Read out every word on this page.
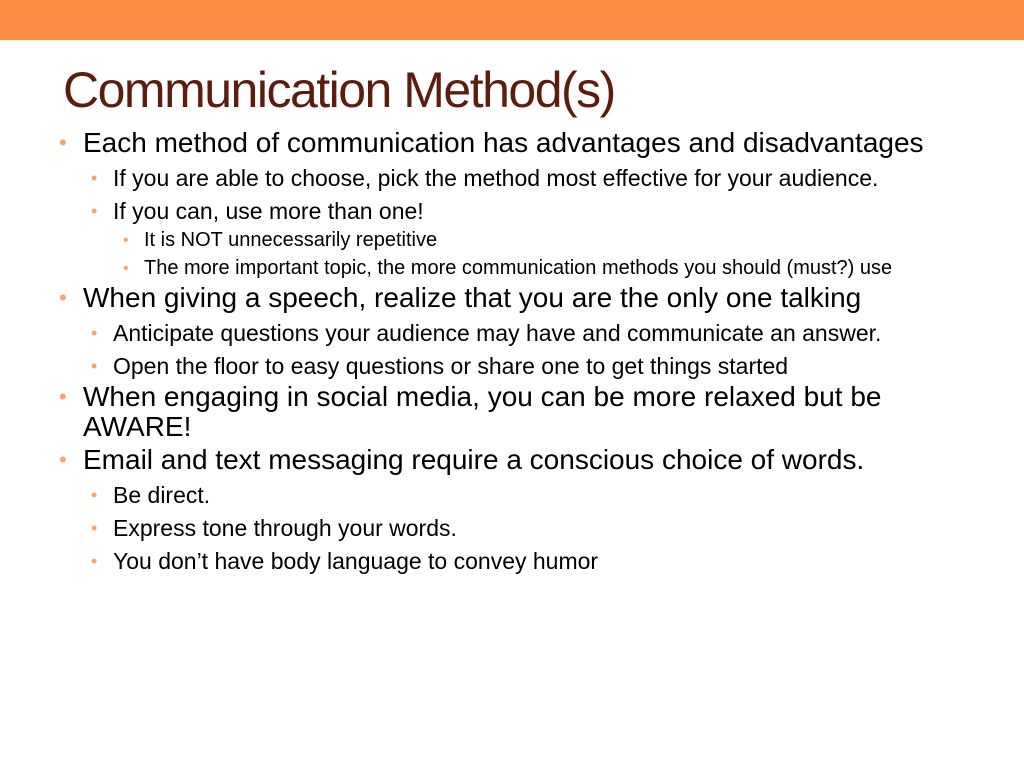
Communication Method(s)
• Each method of communication has advantages and disadvantages
• If you are able to choose, pick the method most effective for your audience.
• If you can, use more than one!
• It is NOT unnecessarily repetitive
• The more important topic, the more communication methods you should (must?) use
• When giving a speech, realize that you are the only one talking
• Anticipate questions your audience may have and communicate an answer.
• Open the floor to easy questions or share one to get things started
• When engaging in social media, you can be more relaxed but be AWARE!
• Email and text messaging require a conscious choice of words.
• Be direct.
• Express tone through your words.
• You don’t have body language to convey humor
